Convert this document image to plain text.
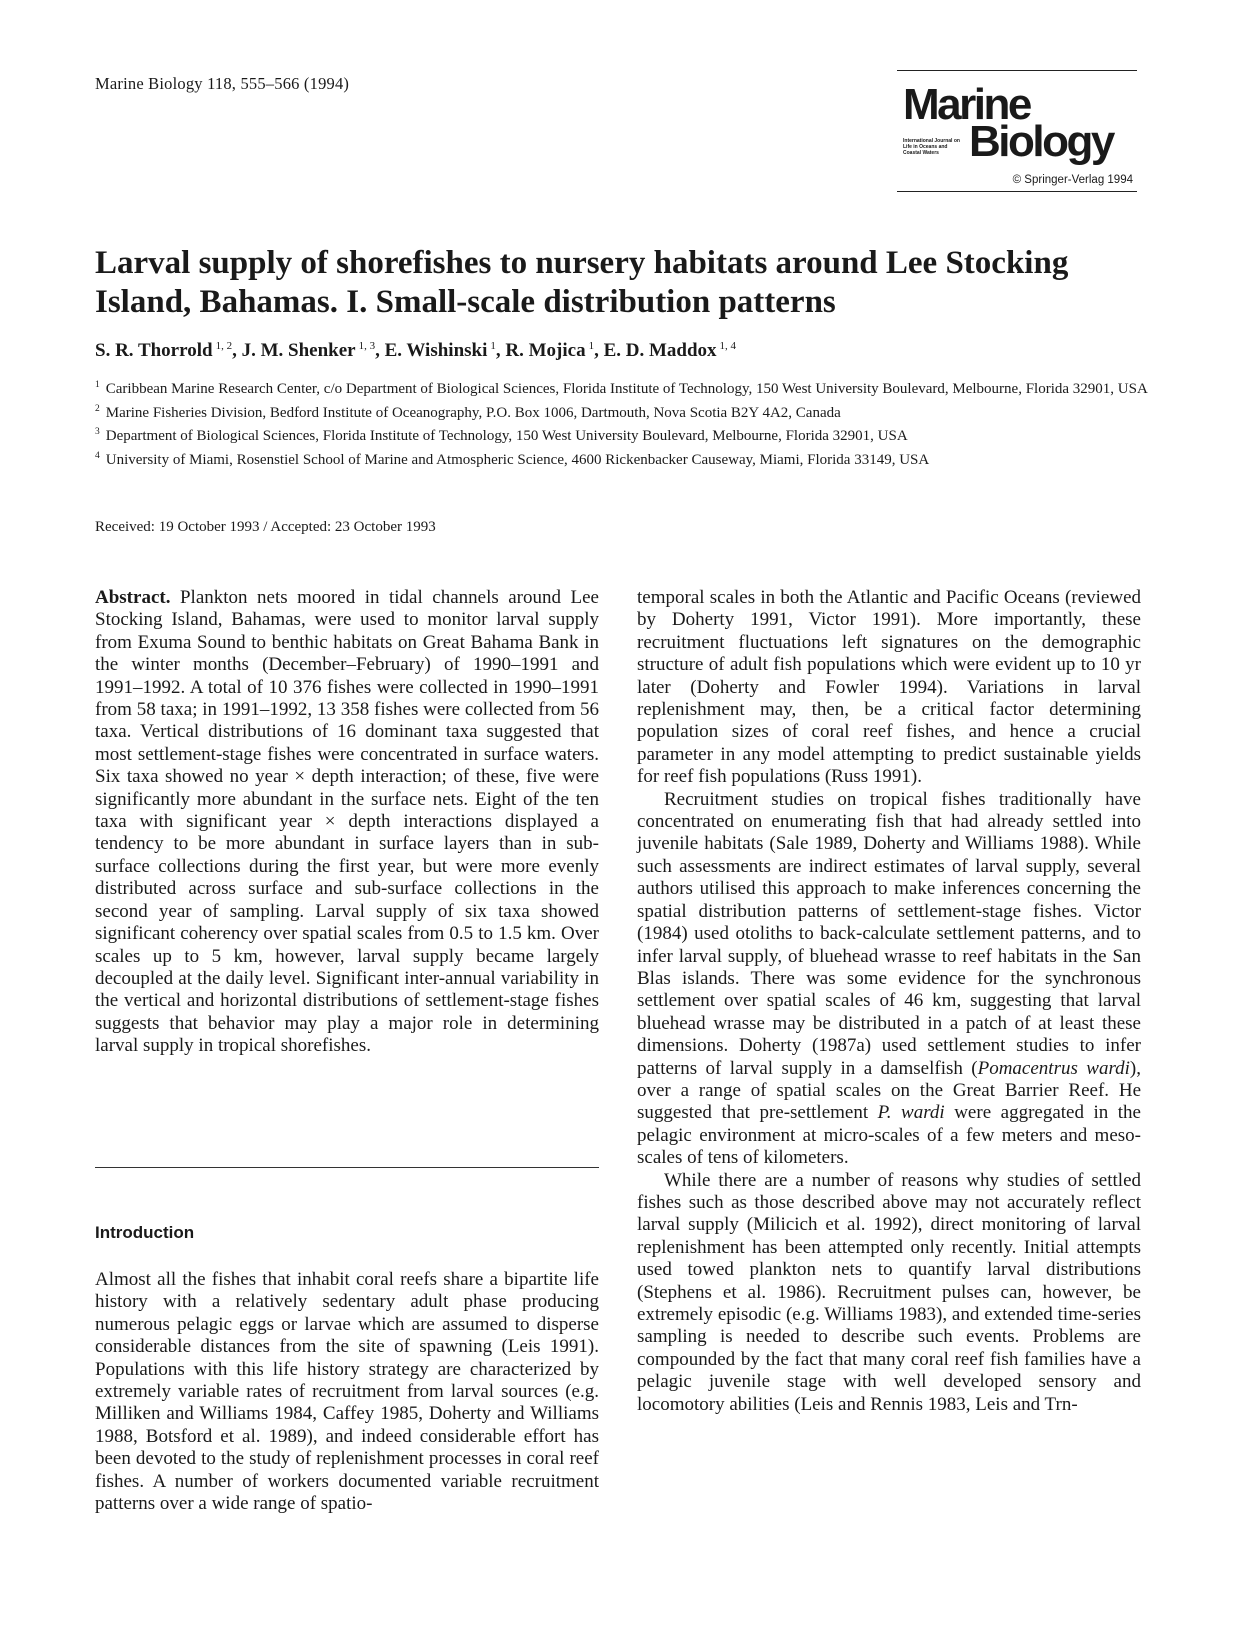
Marine Biology 118, 555–566 (1994)	Marine
International Journal on Life in Oceans and Coastal Waters Biology
© Springer-Verlag 1994
Larval supply of shorefishes to nursery habitats around Lee Stocking Island, Bahamas. I. Small-scale distribution patterns
S. R. Thorrold $^{1, 2}$, J. M. Shenker $^{1, 3}$, E. Wishinski $^1$, R. Mojica $^1$, E. D. Maddox $^{1, 4}$
$^1$ Caribbean Marine Research Center, c/o Department of Biological Sciences, Florida Institute of Technology, 150 West University Boulevard, Melbourne, Florida 32901, USA
$^2$ Marine Fisheries Division, Bedford Institute of Oceanography, P.O. Box 1006, Dartmouth, Nova Scotia B2Y 4A2, Canada
$^3$ Department of Biological Sciences, Florida Institute of Technology, 150 West University Boulevard, Melbourne, Florida 32901, USA
$^4$ University of Miami, Rosenstiel School of Marine and Atmospheric Science, 4600 Rickenbacker Causeway, Miami, Florida 33149, USA
Received: 19 October 1993 / Accepted: 23 October 1993

Abstract. Plankton nets moored in tidal channels around Lee Stocking Island, Bahamas, were used to monitor larval supply from Exuma Sound to benthic habitats on Great Bahama Bank in the winter months (December–February) of 1990–1991 and 1991–1992. A total of 10 376 fishes were collected in 1990–1991 from 58 taxa; in 1991–1992, 13 358 fishes were collected from 56 taxa. Vertical distributions of 16 dominant taxa suggested that most settlement-stage fishes were concentrated in surface waters. Six taxa showed no year × depth interaction; of these, five were significantly more abundant in the surface nets. Eight of the ten taxa with significant year × depth interactions displayed a tendency to be more abundant in surface layers than in sub-surface collections during the first year, but were more evenly distributed across surface and sub-surface collections in the second year of sampling. Larval supply of six taxa showed significant coherency over spatial scales from 0.5 to 1.5 km. Over scales up to 5 km, however, larval supply became largely decoupled at the daily level. Significant inter-annual variability in the vertical and horizontal distributions of settlement-stage fishes suggests that behavior may play a major role in determining larval supply in tropical shorefishes.

Introduction

Almost all the fishes that inhabit coral reefs share a bipartite life history with a relatively sedentary adult phase producing numerous pelagic eggs or larvae which are assumed to disperse considerable distances from the site of spawning (Leis 1991). Populations with this life history strategy are characterized by extremely variable rates of recruitment from larval sources (e.g. Milliken and Williams 1984, Caffey 1985, Doherty and Williams 1988, Botsford et al. 1989), and indeed considerable effort has been devoted to the study of replenishment processes in coral reef fishes. A number of workers documented variable recruitment patterns over a wide range of spatio-

temporal scales in both the Atlantic and Pacific Oceans (reviewed by Doherty 1991, Victor 1991). More importantly, these recruitment fluctuations left signatures on the demographic structure of adult fish populations which were evident up to 10 yr later (Doherty and Fowler 1994). Variations in larval replenishment may, then, be a critical factor determining population sizes of coral reef fishes, and hence a crucial parameter in any model attempting to predict sustainable yields for reef fish populations (Russ 1991).

Recruitment studies on tropical fishes traditionally have concentrated on enumerating fish that had already settled into juvenile habitats (Sale 1989, Doherty and Williams 1988). While such assessments are indirect estimates of larval supply, several authors utilised this approach to make inferences concerning the spatial distribution patterns of settlement-stage fishes. Victor (1984) used otoliths to back-calculate settlement patterns, and to infer larval supply, of bluehead wrasse to reef habitats in the San Blas islands. There was some evidence for the synchronous settlement over spatial scales of 46 km, suggesting that larval bluehead wrasse may be distributed in a patch of at least these dimensions. Doherty (1987a) used settlement studies to infer patterns of larval supply in a damselfish (Pomacentrus wardi), over a range of spatial scales on the Great Barrier Reef. He suggested that pre-settlement P. wardi were aggregated in the pelagic environment at micro-scales of a few meters and meso-scales of tens of kilometers.

While there are a number of reasons why studies of settled fishes such as those described above may not accurately reflect larval supply (Milicich et al. 1992), direct monitoring of larval replenishment has been attempted only recently. Initial attempts used towed plankton nets to quantify larval distributions (Stephens et al. 1986). Recruitment pulses can, however, be extremely episodic (e.g. Williams 1983), and extended time-series sampling is needed to describe such events. Problems are compounded by the fact that many coral reef fish families have a pelagic juvenile stage with well developed sensory and locomotory abilities (Leis and Rennis 1983, Leis and Trn-
